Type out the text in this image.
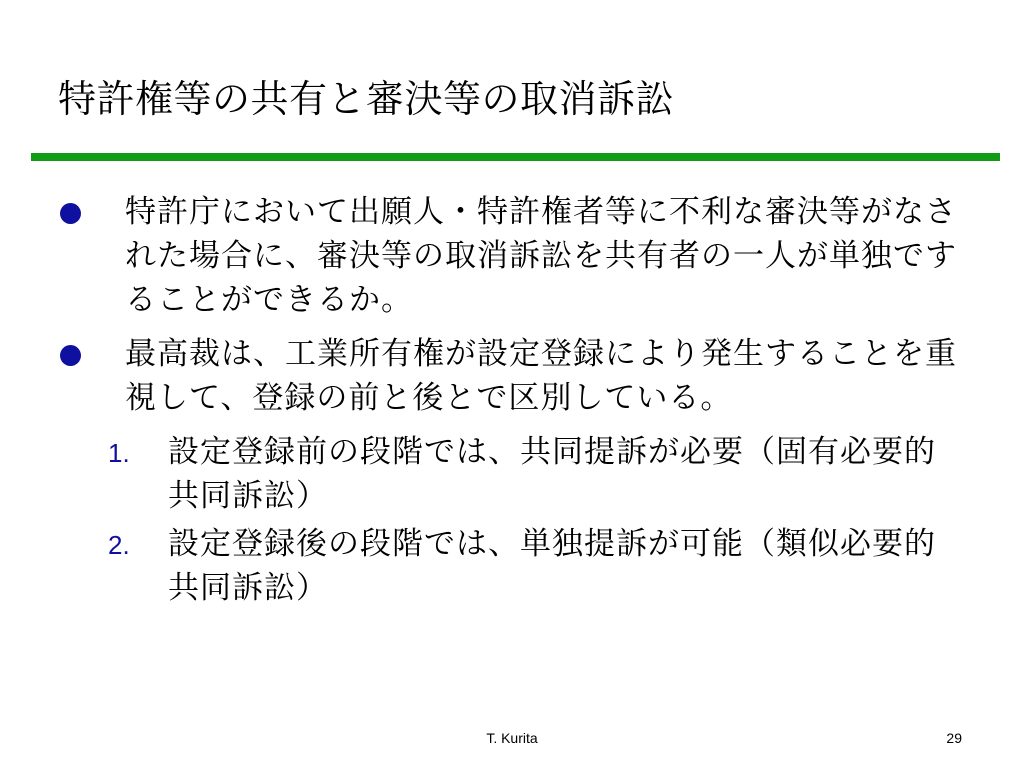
特許権等の共有と審決等の取消訴訟
特許庁において出願人・特許権者等に不利な審決等がなされた場合に、審決等の取消訴訟を共有者の一人が単独ですることができるか。
最高裁は、工業所有権が設定登録により発生することを重視して、登録の前と後とで区別している。
1. 設定登録前の段階では、共同提訴が必要（固有必要的共同訴訟）
2. 設定登録後の段階では、単独提訴が可能（類似必要的共同訴訟）
T. Kurita	29
